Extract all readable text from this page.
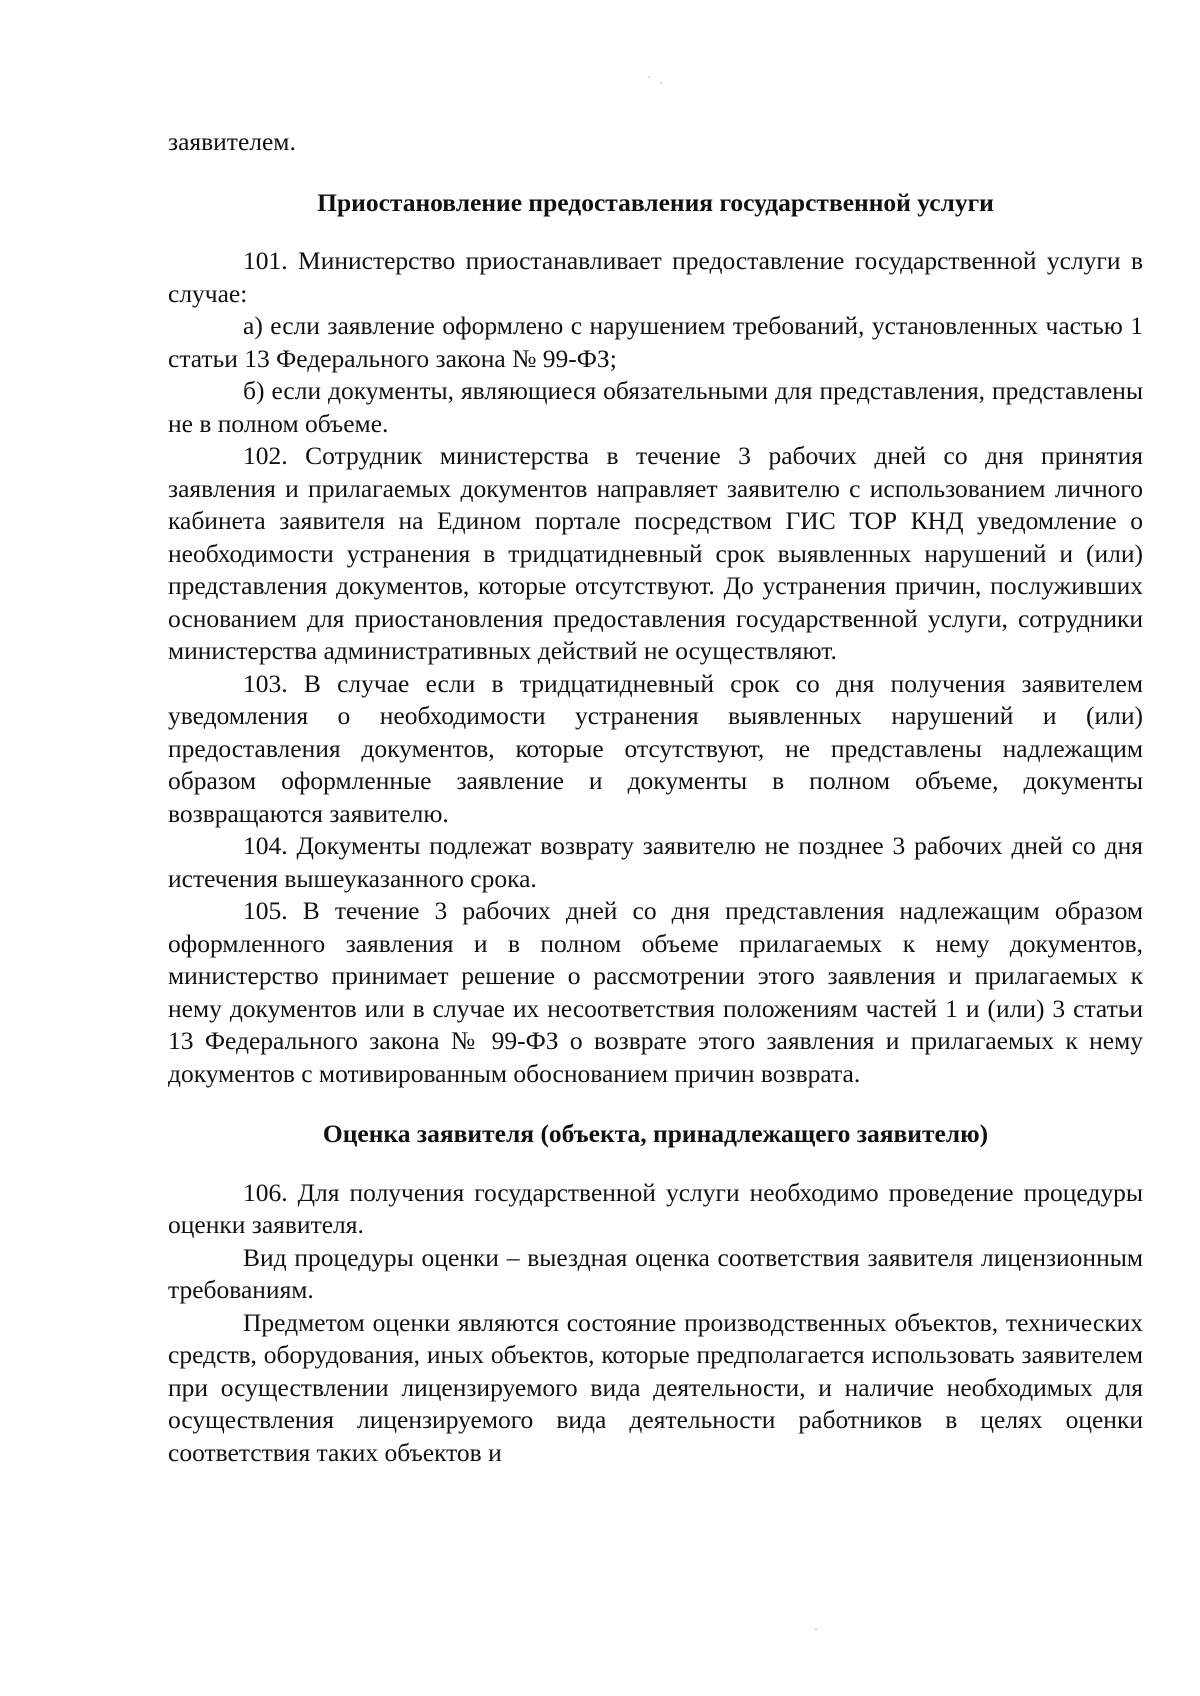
заявителем.

Приостановление предоставления государственной услуги

101. Министерство приостанавливает предоставление государственной услуги в случае:

а) если заявление оформлено с нарушением требований, установленных частью 1 статьи 13 Федерального закона № 99-ФЗ;

б) если документы, являющиеся обязательными для представления, представлены не в полном объеме.

102. Сотрудник министерства в течение 3 рабочих дней со дня принятия заявления и прилагаемых документов направляет заявителю с использованием личного кабинета заявителя на Едином портале посредством ГИС ТОР КНД уведомление о необходимости устранения в тридцатидневный срок выявленных нарушений и (или) представления документов, которые отсутствуют. До устранения причин, послуживших основанием для приостановления предоставления государственной услуги, сотрудники министерства административных действий не осуществляют.

103. В случае если в тридцатидневный срок со дня получения заявителем уведомления о необходимости устранения выявленных нарушений и (или) предоставления документов, которые отсутствуют, не представлены надлежащим образом оформленные заявление и документы в полном объеме, документы возвращаются заявителю.

104. Документы подлежат возврату заявителю не позднее 3 рабочих дней со дня истечения вышеуказанного срока.

105. В течение 3 рабочих дней со дня представления надлежащим образом оформленного заявления и в полном объеме прилагаемых к нему документов, министерство принимает решение о рассмотрении этого заявления и прилагаемых к нему документов или в случае их несоответствия положениям частей 1 и (или) 3 статьи 13 Федерального закона № 99-ФЗ о возврате этого заявления и прилагаемых к нему документов с мотивированным обоснованием причин возврата.

Оценка заявителя (объекта, принадлежащего заявителю)

106. Для получения государственной услуги необходимо проведение процедуры оценки заявителя.

Вид процедуры оценки – выездная оценка соответствия заявителя лицензионным требованиям.

Предметом оценки являются состояние производственных объектов, технических средств, оборудования, иных объектов, которые предполагается использовать заявителем при осуществлении лицензируемого вида деятельности, и наличие необходимых для осуществления лицензируемого вида деятельности работников в целях оценки соответствия таких объектов и
